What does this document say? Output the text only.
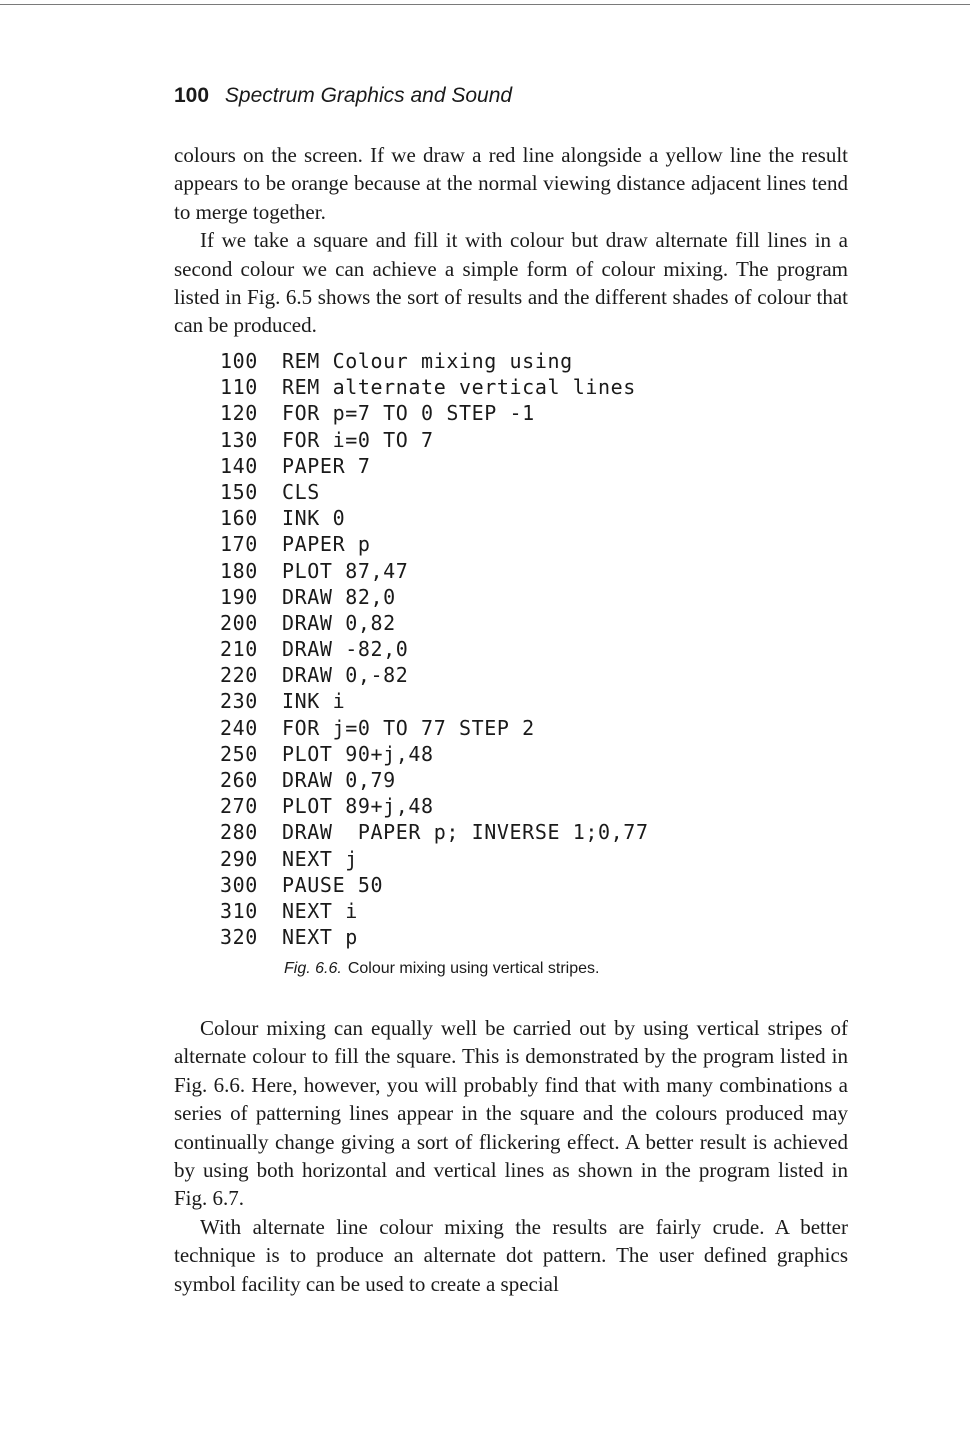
100 Spectrum Graphics and Sound

colours on the screen. If we draw a red line alongside a yellow line the result appears to be orange because at the normal viewing distance adjacent lines tend to merge together.

If we take a square and fill it with colour but draw alternate fill lines in a second colour we can achieve a simple form of colour mixing. The program listed in Fig. 6.5 shows the sort of results and the different shades of colour that can be produced.

100 REM Colour mixing using
110 REM alternate vertical lines
120 FOR p=7 TO 0 STEP -1
130 FOR i=0 TO 7
140 PAPER 7
150 CLS
160 INK 0
170 PAPER p
180 PLOT 87,47
190 DRAW 82,0
200 DRAW 0,82
210 DRAW -82,0
220 DRAW 0,-82
230 INK i
240 FOR j=0 TO 77 STEP 2
250 PLOT 90+j,48
260 DRAW 0,79
270 PLOT 89+j,48
280 DRAW  PAPER p; INVERSE 1;0,77
290 NEXT j
300 PAUSE 50
310 NEXT i
320 NEXT p
Fig. 6.6. Colour mixing using vertical stripes.

Colour mixing can equally well be carried out by using vertical stripes of alternate colour to fill the square. This is demonstrated by the program listed in Fig. 6.6. Here, however, you will probably find that with many combinations a series of patterning lines appear in the square and the colours produced may continually change giving a sort of flickering effect. A better result is achieved by using both horizontal and vertical lines as shown in the program listed in Fig. 6.7.

With alternate line colour mixing the results are fairly crude. A better technique is to produce an alternate dot pattern. The user defined graphics symbol facility can be used to create a special
